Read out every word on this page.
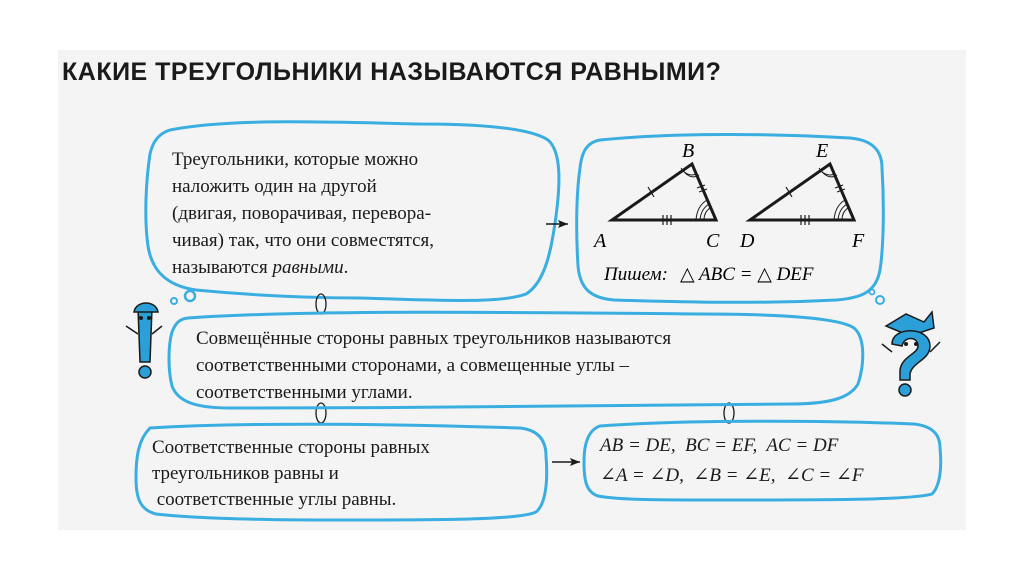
КАКИЕ ТРЕУГОЛЬНИКИ НАЗЫВАЮТСЯ РАВНЫМИ?
A
B
C D
E
F
Пишем: △ ABC = △ DEF
Треугольники, которые можно
наложить один на другой
(двигая, поворачивая, перевора-
чивая) так, что они совместятся,
называются равными.
Совмещённые стороны равных треугольников называются
соответственными сторонами, а совмещенные углы –
соответственными углами.
Соответственные стороны равных
треугольников равны и
соответственные углы равны.
AB = DE,  BC = EF,  AC = DF
∠A = ∠D,  ∠B = ∠E,  ∠C = ∠F
